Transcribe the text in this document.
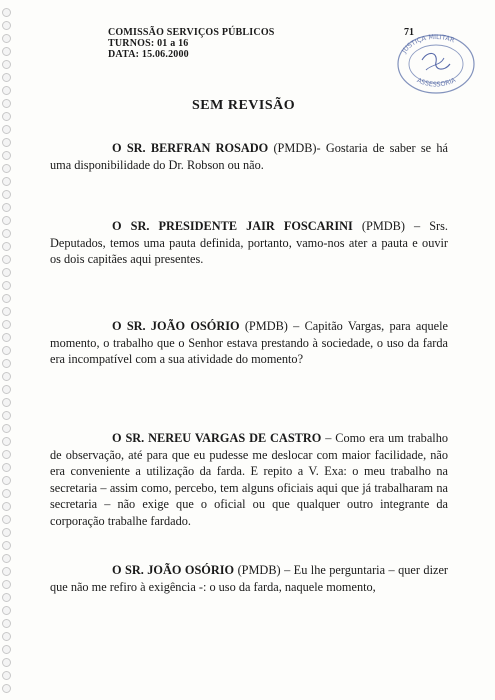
COMISSÃO SERVIÇOS PÚBLICOS
TURNOS: 01 a 16
DATA: 15.06.2000
71
JUSTIÇA MILITAR
ASSESSORIA
SEM REVISÃO
O SR. BERFRAN ROSADO (PMDB)- Gostaria de saber se há uma disponibilidade do Dr. Robson ou não.
O SR. PRESIDENTE JAIR FOSCARINI (PMDB) – Srs. Deputados, temos uma pauta definida, portanto, vamo-nos ater a pauta e ouvir os dois capitães aqui presentes.
O SR. JOÃO OSÓRIO (PMDB) – Capitão Vargas, para aquele momento, o trabalho que o Senhor estava prestando à sociedade, o uso da farda era incompatível com a sua atividade do momento?
O SR. NEREU VARGAS DE CASTRO – Como era um trabalho de observação, até para que eu pudesse me deslocar com maior facilidade, não era conveniente a utilização da farda. E repito a V. Exa: o meu trabalho na secretaria – assim como, percebo, tem alguns oficiais aqui que já trabalharam na secretaria – não exige que o oficial ou que qualquer outro integrante da corporação trabalhe fardado.
O SR. JOÃO OSÓRIO (PMDB) – Eu lhe perguntaria – quer dizer que não me refiro à exigência -: o uso da farda, naquele momento,
